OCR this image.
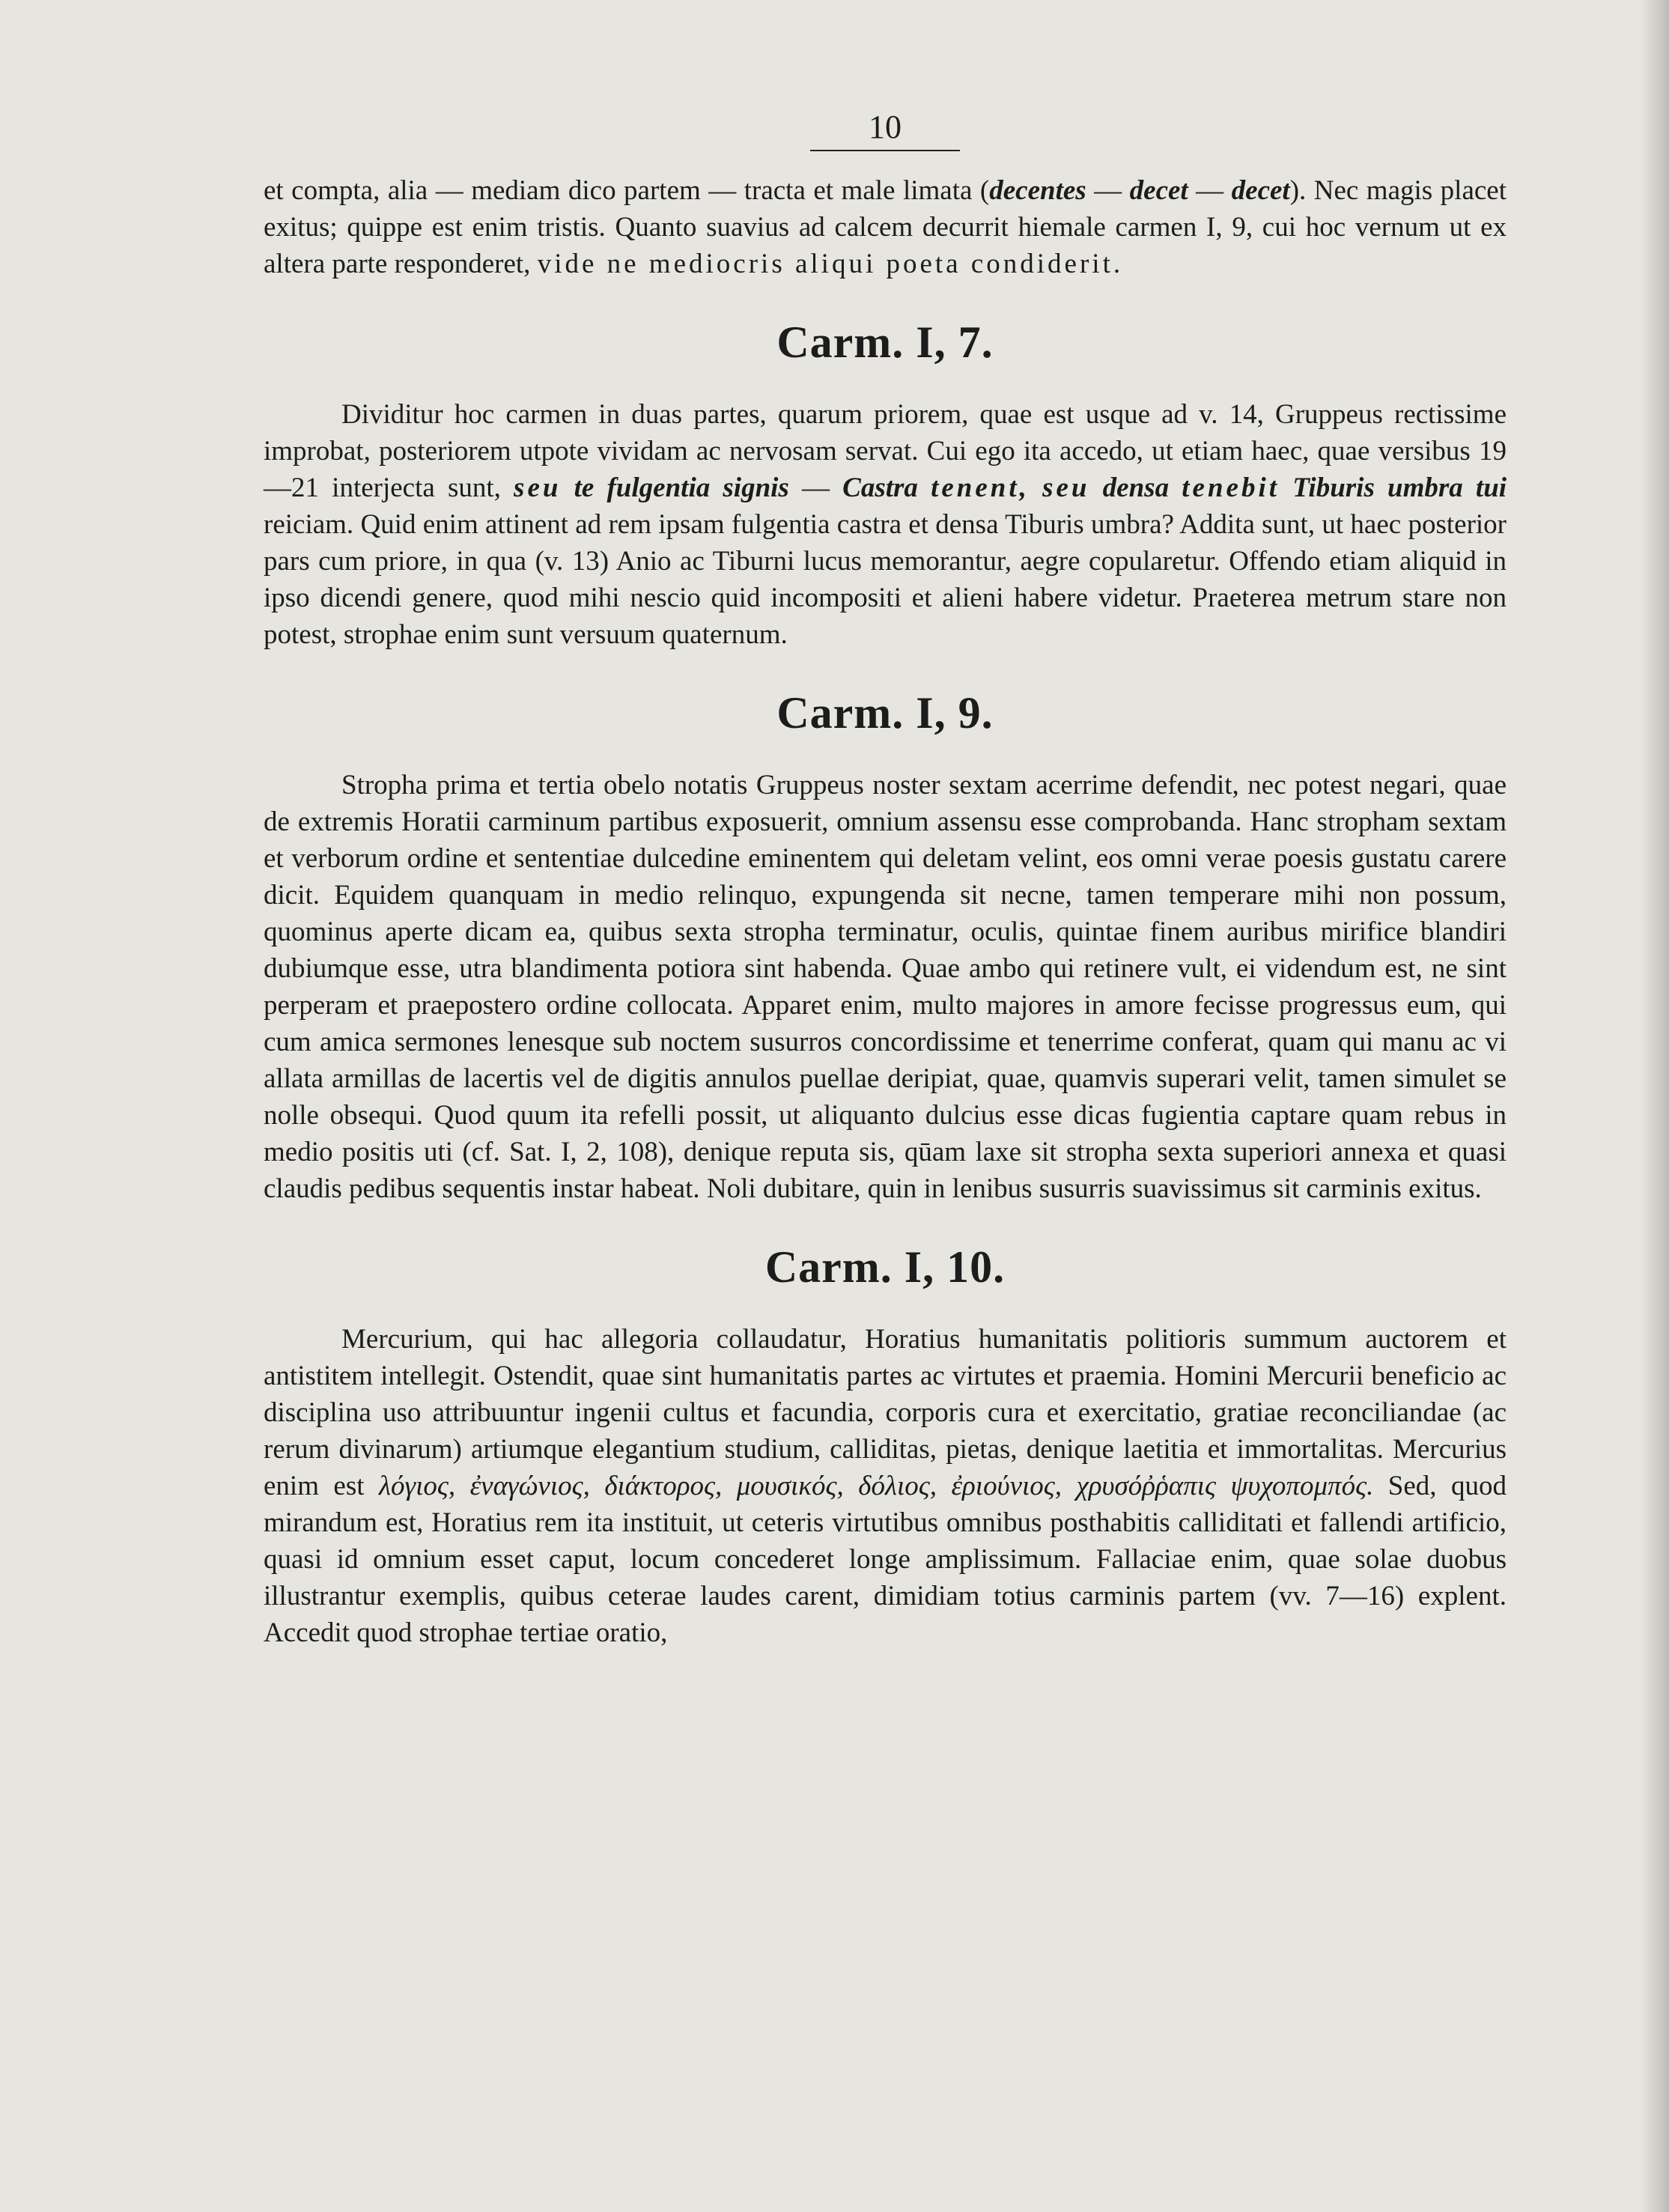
10

et compta, alia — mediam dico partem — tracta et male limata (decentes — decet — decet). Nec magis placet exitus; quippe est enim tristis. Quanto suavius ad calcem decurrit hiemale carmen I, 9, cui hoc vernum ut ex altera parte responderet, vide ne mediocris aliqui poeta condiderit.

Carm. I, 7.

Dividitur hoc carmen in duas partes, quarum priorem, quae est usque ad v. 14, Gruppeus rectissime improbat, posteriorem utpote vividam ac nervosam servat. Cui ego ita accedo, ut etiam haec, quae versibus 19—21 interjecta sunt, seu te fulgentia signis — Castra tenent, seu densa tenebit Tiburis umbra tui reiciam. Quid enim attinent ad rem ipsam fulgentia castra et densa Tiburis umbra? Addita sunt, ut haec posterior pars cum priore, in qua (v. 13) Anio ac Tiburni lucus memorantur, aegre copularetur. Offendo etiam aliquid in ipso dicendi genere, quod mihi nescio quid incompositi et alieni habere videtur. Praeterea metrum stare non potest, strophae enim sunt versuum quaternum.

Carm. I, 9.

Stropha prima et tertia obelo notatis Gruppeus noster sextam acerrime defendit, nec potest negari, quae de extremis Horatii carminum partibus exposuerit, omnium assensu esse comprobanda. Hanc stropham sextam et verborum ordine et sententiae dulcedine eminentem qui deletam velint, eos omni verae poesis gustatu carere dicit. Equidem quanquam in medio relinquo, expungenda sit necne, tamen temperare mihi non possum, quominus aperte dicam ea, quibus sexta stropha terminatur, oculis, quintae finem auribus mirifice blandiri dubiumque esse, utra blandimenta potiora sint habenda. Quae ambo qui retinere vult, ei videndum est, ne sint perperam et praepostero ordine collocata. Apparet enim, multo majores in amore fecisse progressus eum, qui cum amica sermones lenesque sub noctem susurros concordissime et tenerrime conferat, quam qui manu ac vi allata armillas de lacertis vel de digitis annulos puellae deripiat, quae, quamvis superari velit, tamen simulet se nolle obsequi. Quod quum ita refelli possit, ut aliquanto dulcius esse dicas fugientia captare quam rebus in medio positis uti (cf. Sat. I, 2, 108), denique reputa sis, qūam laxe sit stropha sexta superiori annexa et quasi claudis pedibus sequentis instar habeat. Noli dubitare, quin in lenibus susurris suavissimus sit carminis exitus.

Carm. I, 10.

Mercurium, qui hac allegoria collaudatur, Horatius humanitatis politioris summum auctorem et antistitem intellegit. Ostendit, quae sint humanitatis partes ac virtutes et praemia. Homini Mercurii beneficio ac disciplina uso attribuuntur ingenii cultus et facundia, corporis cura et exercitatio, gratiae reconciliandae (ac rerum divinarum) artiumque elegantium studium, calliditas, pietas, denique laetitia et immortalitas. Mercurius enim est λόγιος, ἐναγώνιος, διάκτορος, μουσικός, δόλιος, ἐριούνιος, χρυσόῤῥαπις ψυχοπομπός. Sed, quod mirandum est, Horatius rem ita instituit, ut ceteris virtutibus omnibus posthabitis calliditati et fallendi artificio, quasi id omnium esset caput, locum concederet longe amplissimum. Fallaciae enim, quae solae duobus illustrantur exemplis, quibus ceterae laudes carent, dimidiam totius carminis partem (vv. 7—16) explent. Accedit quod strophae tertiae oratio,
